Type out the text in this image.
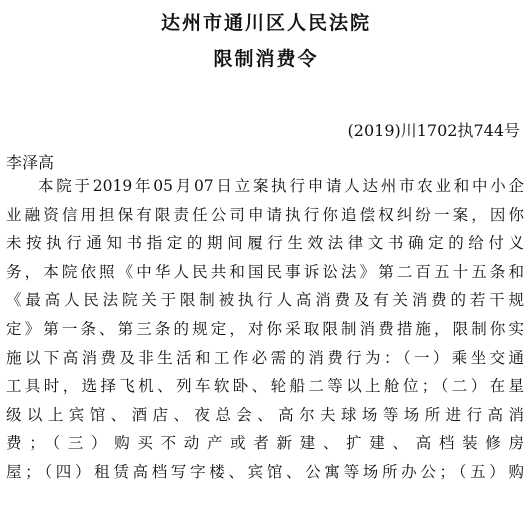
达州市通川区人民法院
限制消费令
(2019)川1702执744号
李泽高
本院于2019年05月07日立案执行申请人达州市农业和中小企
业融资信用担保有限责任公司申请执行你追偿权纠纷一案，因你
未按执行通知书指定的期间履行生效法律文书确定的给付义
务，本院依照《中华人民共和国民事诉讼法》第二百五十五条和
《最高人民法院关于限制被执行人高消费及有关消费的若干规
定》第一条、第三条的规定，对你采取限制消费措施，限制你实
施以下高消费及非生活和工作必需的消费行为：（一）乘坐交通
工具时，选择飞机、列车软卧、轮船二等以上舱位；（二）在星
级以上宾馆、酒店、夜总会、高尔夫球场等场所进行高消
费；（三）购买不动产或者新建、扩建、高档装修房
屋；（四）租赁高档写字楼、宾馆、公寓等场所办公；（五）购
